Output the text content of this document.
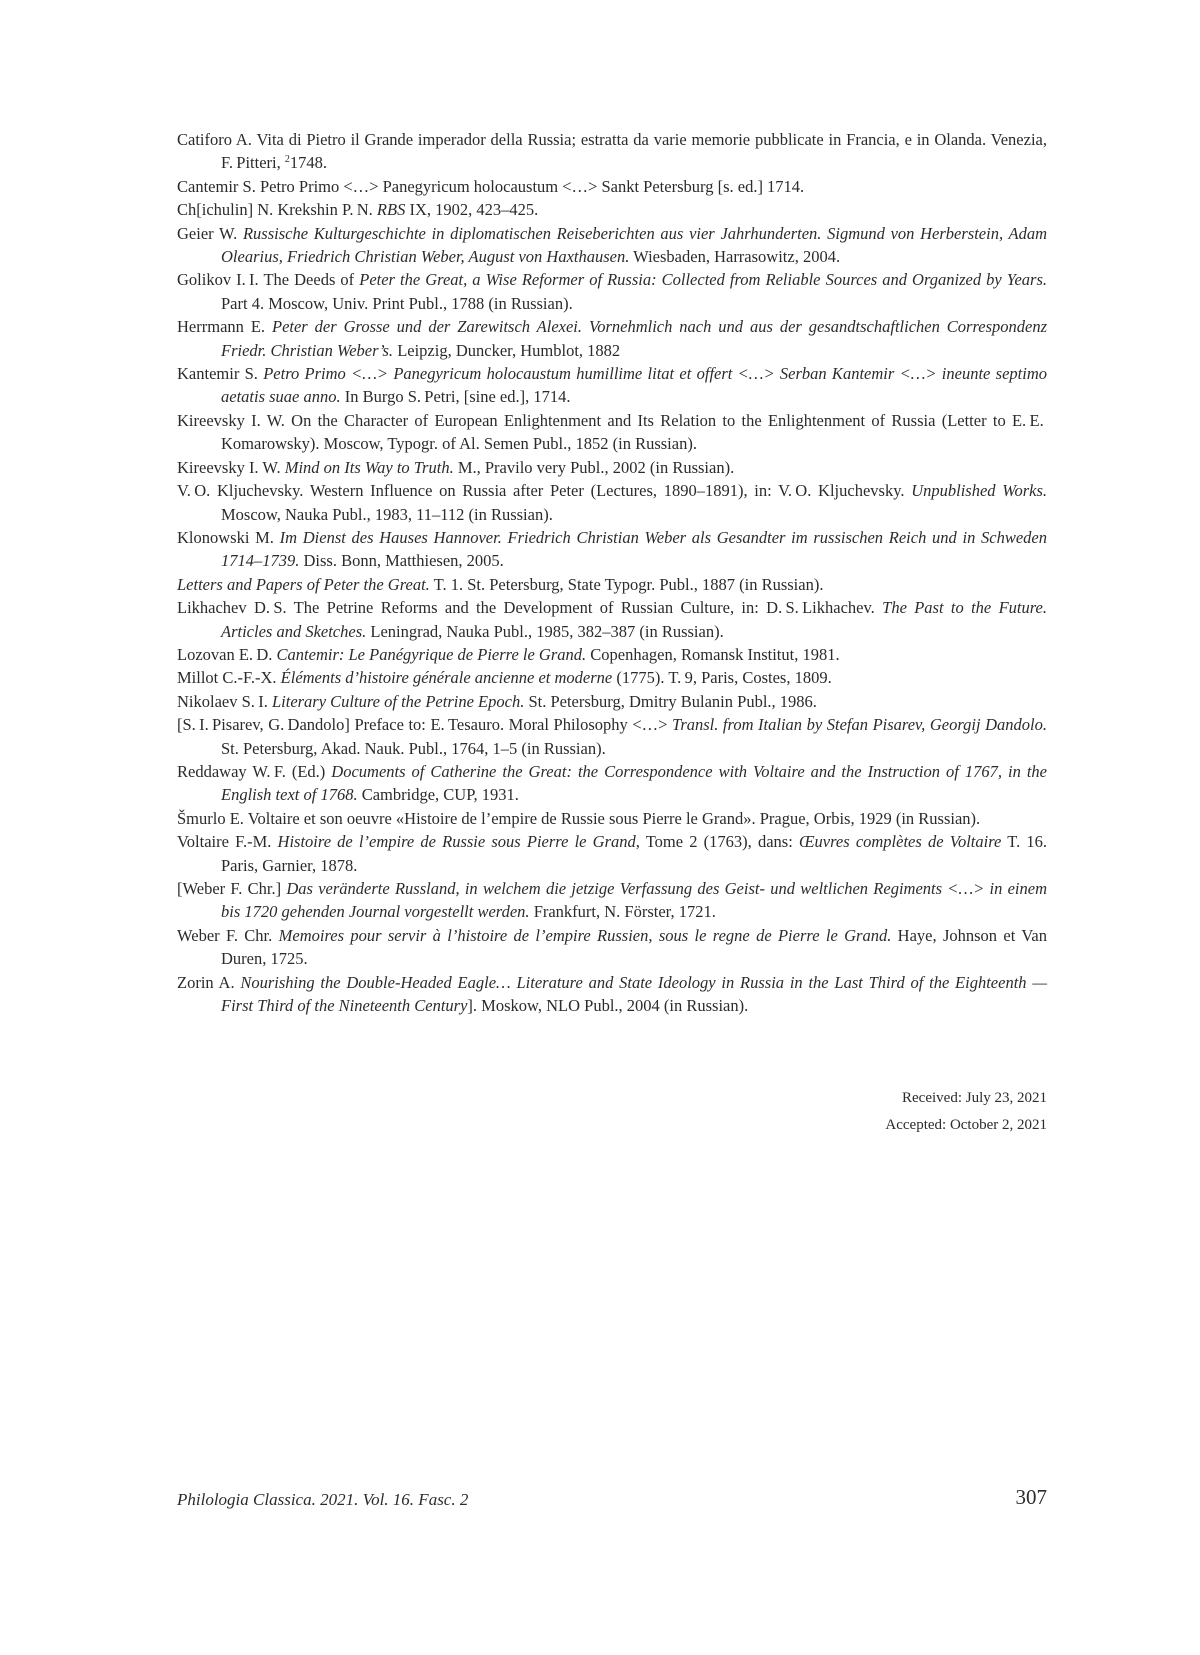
Catiforo A. Vita di Pietro il Grande imperador della Russia; estratta da varie memorie pubblicate in Francia, e in Olanda. Venezia, F. Pitteri, $^2$1748.

Cantemir S. Petro Primo <…> Panegyricum holocaustum <…> Sankt Petersburg [s. ed.] 1714.

Ch[ichulin] N. Krekshin P. N. RBS IX, 1902, 423–425.

Geier W. Russische Kulturgeschichte in diplomatischen Reiseberichten aus vier Jahrhunderten. Sigmund von Herberstein, Adam Olearius, Friedrich Christian Weber, August von Haxthausen. Wiesbaden, Harrasowitz, 2004.

Golikov I. I. The Deeds of Peter the Great, a Wise Reformer of Russia: Collected from Reliable Sources and Organized by Years. Part 4. Moscow, Univ. Print Publ., 1788 (in Russian).

Herrmann E. Peter der Grosse und der Zarewitsch Alexei. Vornehmlich nach und aus der gesandtschaftlichen Correspondenz Friedr. Christian Weber’s. Leipzig, Duncker, Humblot, 1882

Kantemir S. Petro Primo <…> Panegyricum holocaustum humillime litat et offert <…> Serban Kantemir <…> ineunte septimo aetatis suae anno. In Burgo S. Petri, [sine ed.], 1714.

Kireevsky I. W. On the Character of European Enlightenment and Its Relation to the Enlightenment of Russia (Letter to E. E. Komarowsky). Moscow, Typogr. of Al. Semen Publ., 1852 (in Russian).

Kireevsky I. W. Mind on Its Way to Truth. M., Pravilo very Publ., 2002 (in Russian).

V. O. Kljuchevsky. Western Influence on Russia after Peter (Lectures, 1890–1891), in: V. O. Kljuchevsky. Unpublished Works. Moscow, Nauka Publ., 1983, 11–112 (in Russian).

Klonowski M. Im Dienst des Hauses Hannover. Friedrich Christian Weber als Gesandter im russischen Reich und in Schweden 1714–1739. Diss. Bonn, Matthiesen, 2005.

Letters and Papers of Peter the Great. T. 1. St. Petersburg, State Typogr. Publ., 1887 (in Russian).

Likhachev D. S. The Petrine Reforms and the Development of Russian Culture, in: D. S. Likhachev. The Past to the Future. Articles and Sketches. Leningrad, Nauka Publ., 1985, 382–387 (in Russian).

Lozovan E. D. Cantemir: Le Panégyrique de Pierre le Grand. Copenhagen, Romansk Institut, 1981.

Millot C.-F.-X. Éléments d’histoire générale ancienne et moderne (1775). T. 9, Paris, Costes, 1809.

Nikolaev S. I. Literary Culture of the Petrine Epoch. St. Petersburg, Dmitry Bulanin Publ., 1986.

[S. I. Pisarev, G. Dandolo] Preface to: E. Tesauro. Moral Philosophy <…> Transl. from Italian by Stefan Pisarev, Georgij Dandolo. St. Petersburg, Akad. Nauk. Publ., 1764, 1–5 (in Russian).

Reddaway W. F. (Ed.) Documents of Catherine the Great: the Correspondence with Voltaire and the Instruction of 1767, in the English text of 1768. Cambridge, CUP, 1931.

Šmurlo E. Voltaire et son oeuvre «Histoire de l’empire de Russie sous Pierre le Grand». Prague, Orbis, 1929 (in Russian).

Voltaire F.-M. Histoire de l’empire de Russie sous Pierre le Grand, Tome 2 (1763), dans: Œuvres complètes de Voltaire T. 16. Paris, Garnier, 1878.

[Weber F. Chr.] Das veränderte Russland, in welchem die jetzige Verfassung des Geist- und weltlichen Regiments <…> in einem bis 1720 gehenden Journal vorgestellt werden. Frankfurt, N. Förster, 1721.

Weber F. Chr. Memoires pour servir à l’histoire de l’empire Russien, sous le regne de Pierre le Grand. Haye, Johnson et Van Duren, 1725.

Zorin A. Nourishing the Double-Headed Eagle… Literature and State Ideology in Russia in the Last Third of the Eighteenth — First Third of the Nineteenth Century]. Moskow, NLO Publ., 2004 (in Russian).

Received: July 23, 2021
Accepted: October 2, 2021
Philologia Classica. 2021. Vol. 16. Fasc. 2	307
